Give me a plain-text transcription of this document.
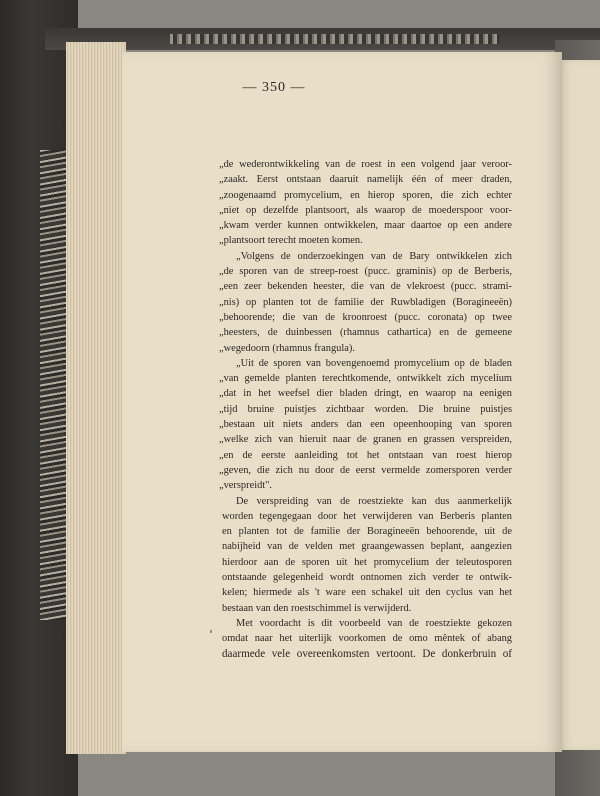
— 350 —
„de wederontwikkeling van de roest in een volgend jaar veroor-
„zaakt. Eerst ontstaan daaruit namelijk één of meer draden,
„zoogenaamd promycelium, en hierop sporen, die zich echter
„niet op dezelfde plantsoort, als waarop de moederspoor voor-
„kwam verder kunnen ontwikkelen, maar daartoe op een andere
„plantsoort terecht moeten komen.
„Volgens de onderzoekingen van de Bary ontwikkelen zich
„de sporen van de streep-roest (pucc. graminis) op de Berberis,
„een zeer bekenden heester, die van de vlekroest (pucc. strami-
„nis) op planten tot de familie der Ruwbladigen (Boragineeën)
„behoorende; die van de kroonroest (pucc. coronata) op twee
„heesters, de duinbessen (rhamnus cathartica) en de gemeene
„wegedoorn (rhamnus frangula).
„Uit de sporen van bovengenoemd promycelium op de bladen
„van gemelde planten terechtkomende, ontwikkelt zich mycelium
„dat in het weefsel dier bladen dringt, en waarop na eenigen
„tijd bruine puistjes zichtbaar worden. Die bruine puistjes
„bestaan uit niets anders dan een opeenhooping van sporen
„welke zich van hieruit naar de granen en grassen verspreiden,
„en de eerste aanleiding tot het ontstaan van roest hierop
„geven, die zich nu door de eerst vermelde zomersporen verder
„verspreidt".
De verspreiding van de roestziekte kan dus aanmerkelijk
worden tegengegaan door het verwijderen van Berberis planten
en planten tot de familie der Boragineeën behoorende, uit de
nabijheid van de velden met graangewassen beplant, aangezien
hierdoor aan de sporen uit het promycelium der teleutosporen
ontstaande gelegenheid wordt ontnomen zich verder te ontwik-
kelen; hiermede als 't ware een schakel uit den cyclus van het
bestaan van den roestschimmel is verwijderd.
Met voordacht is dit voorbeeld van de roestziekte gekozen
omdat naar het uiterlijk voorkomen de omo mêntek of abang
daarmede vele overeenkomsten vertoont. De donkerbruin of
